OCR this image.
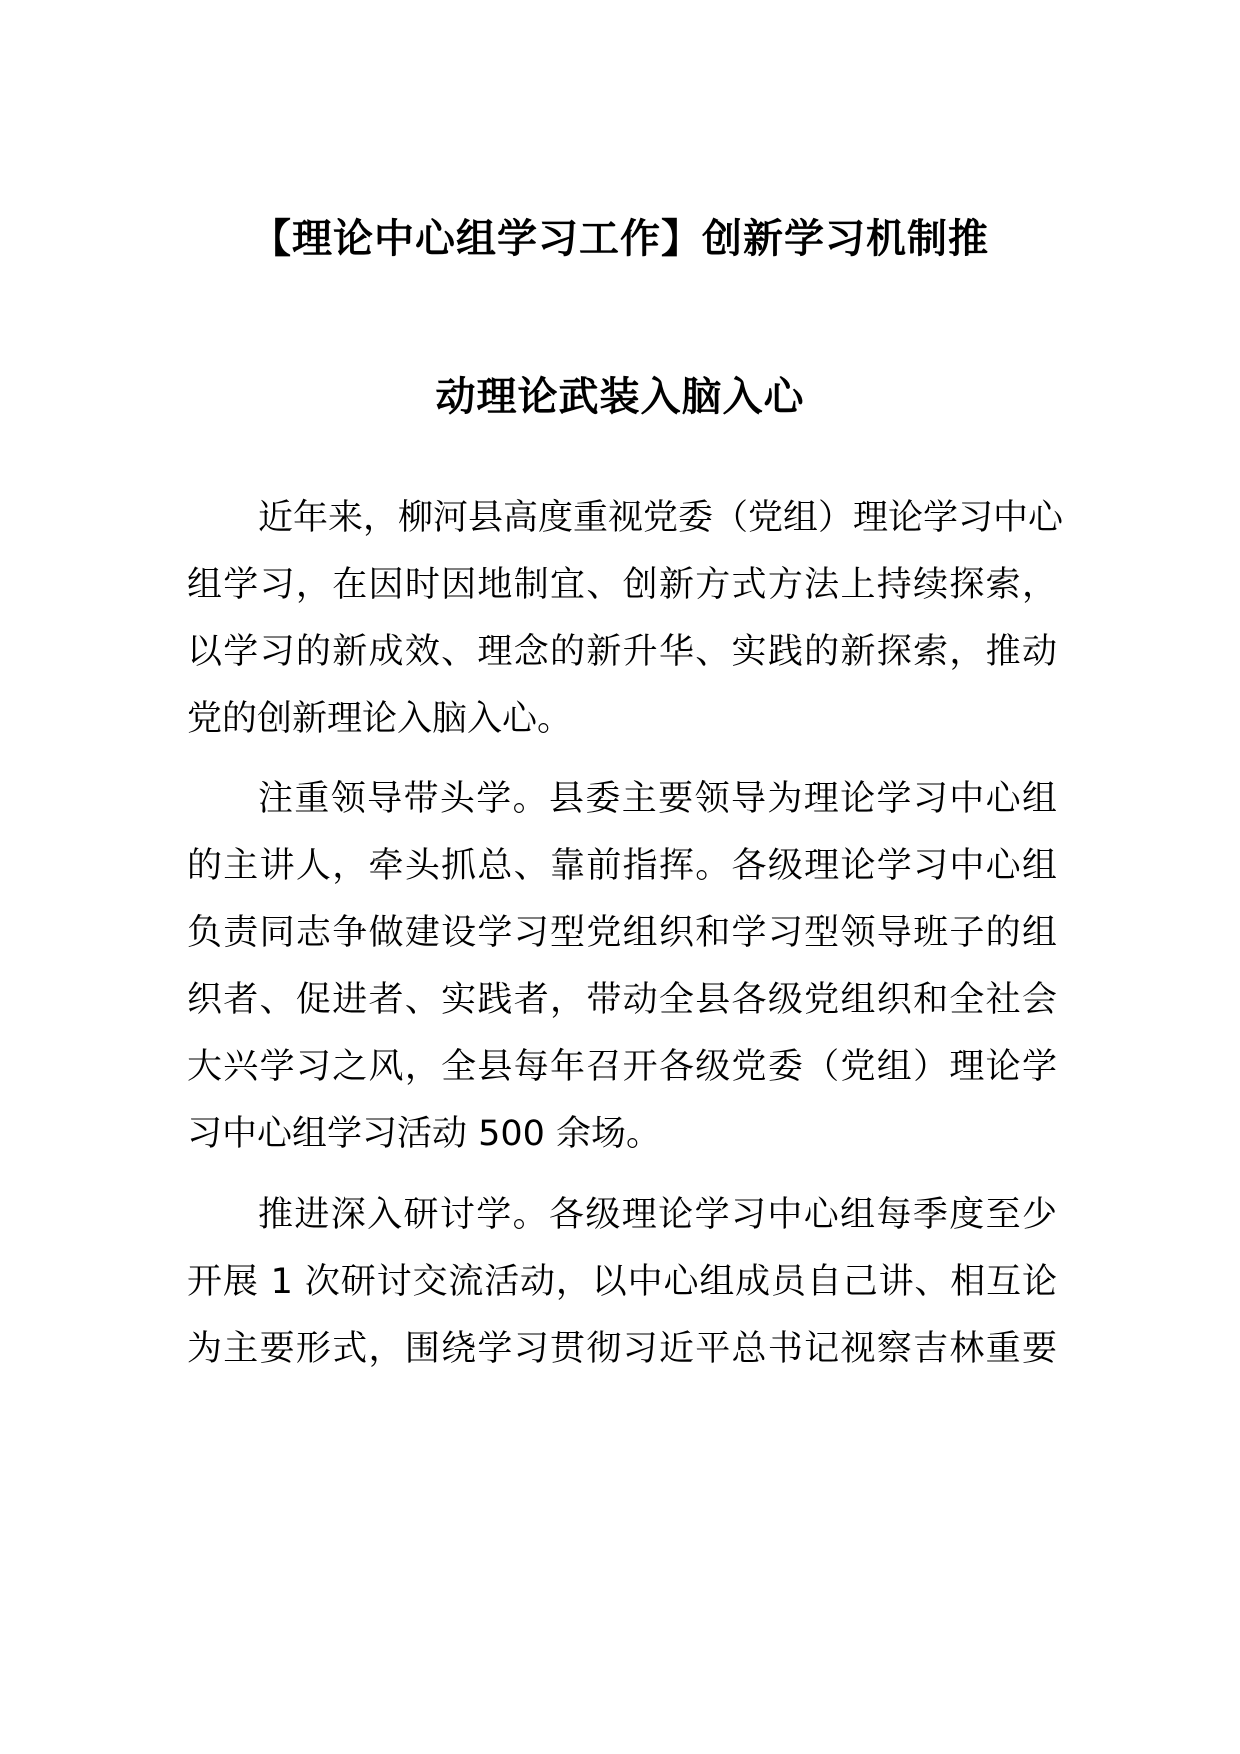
【理论中心组学习工作】创新学习机制推
动理论武装入脑入心
近年来，柳河县高度重视党委（党组）理论学习中心
组学习，在因时因地制宜、创新方式方法上持续探索，
以学习的新成效、理念的新升华、实践的新探索，推动
党的创新理论入脑入心。
注重领导带头学。县委主要领导为理论学习中心组
的主讲人，牵头抓总、靠前指挥。各级理论学习中心组
负责同志争做建设学习型党组织和学习型领导班子的组
织者、促进者、实践者，带动全县各级党组织和全社会
大兴学习之风，全县每年召开各级党委（党组）理论学
习中心组学习活动 500 余场。
推进深入研讨学。各级理论学习中心组每季度至少
开展 1 次研讨交流活动，以中心组成员自己讲、相互论
为主要形式，围绕学习贯彻习近平总书记视察吉林重要
